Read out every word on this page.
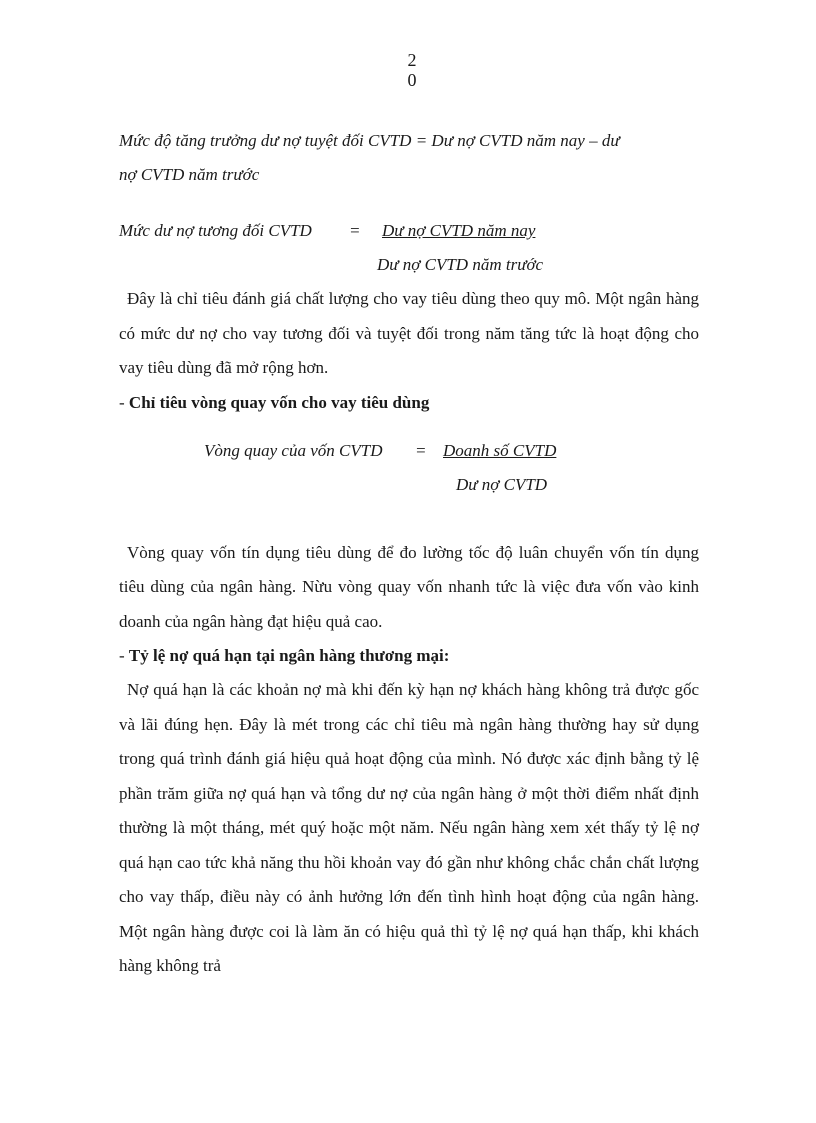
2
0
Mức độ tăng trưởng dư nợ tuyệt đối CVTD = Dư nợ CVTD năm nay – dư
nợ CVTD năm trước
Mức dư nợ tương đối CVTD = Dư nợ CVTD năm nay
Dư nợ CVTD năm trước

Đây là chỉ tiêu đánh giá chất lượng cho vay tiêu dùng theo quy mô. Một ngân hàng có mức dư nợ cho vay tương đối và tuyệt đối trong năm tăng tức là hoạt động cho vay tiêu dùng đã mở rộng hơn.

- Chỉ tiêu vòng quay vốn cho vay tiêu dùng

Vòng quay của vốn CVTD = Doanh số CVTD
Dư nợ CVTD

Vòng quay vốn tín dụng tiêu dùng để đo lường tốc độ luân chuyển vốn tín dụng tiêu dùng của ngân hàng. Nừu vòng quay vốn nhanh tức là việc đưa vốn vào kinh doanh của ngân hàng đạt hiệu quả cao.

- Tỷ lệ nợ quá hạn tại ngân hàng thương mại:

Nợ quá hạn là các khoản nợ mà khi đến kỳ hạn nợ khách hàng không trả được gốc và lãi đúng hẹn. Đây là mét trong các chỉ tiêu mà ngân hàng thường hay sử dụng trong quá trình đánh giá hiệu quả hoạt động của mình. Nó được xác định bằng tỷ lệ phần trăm giữa nợ quá hạn và tổng dư nợ của ngân hàng ở một thời điểm nhất định thường là một tháng, mét quý hoặc một năm. Nếu ngân hàng xem xét thấy tỷ lệ nợ quá hạn cao tức khả năng thu hồi khoản vay đó gần như không chắc chắn chất lượng cho vay thấp, điều này có ảnh hưởng lớn đến tình hình hoạt động của ngân hàng. Một ngân hàng được coi là làm ăn có hiệu quả thì tỷ lệ nợ quá hạn thấp, khi khách hàng không trả
